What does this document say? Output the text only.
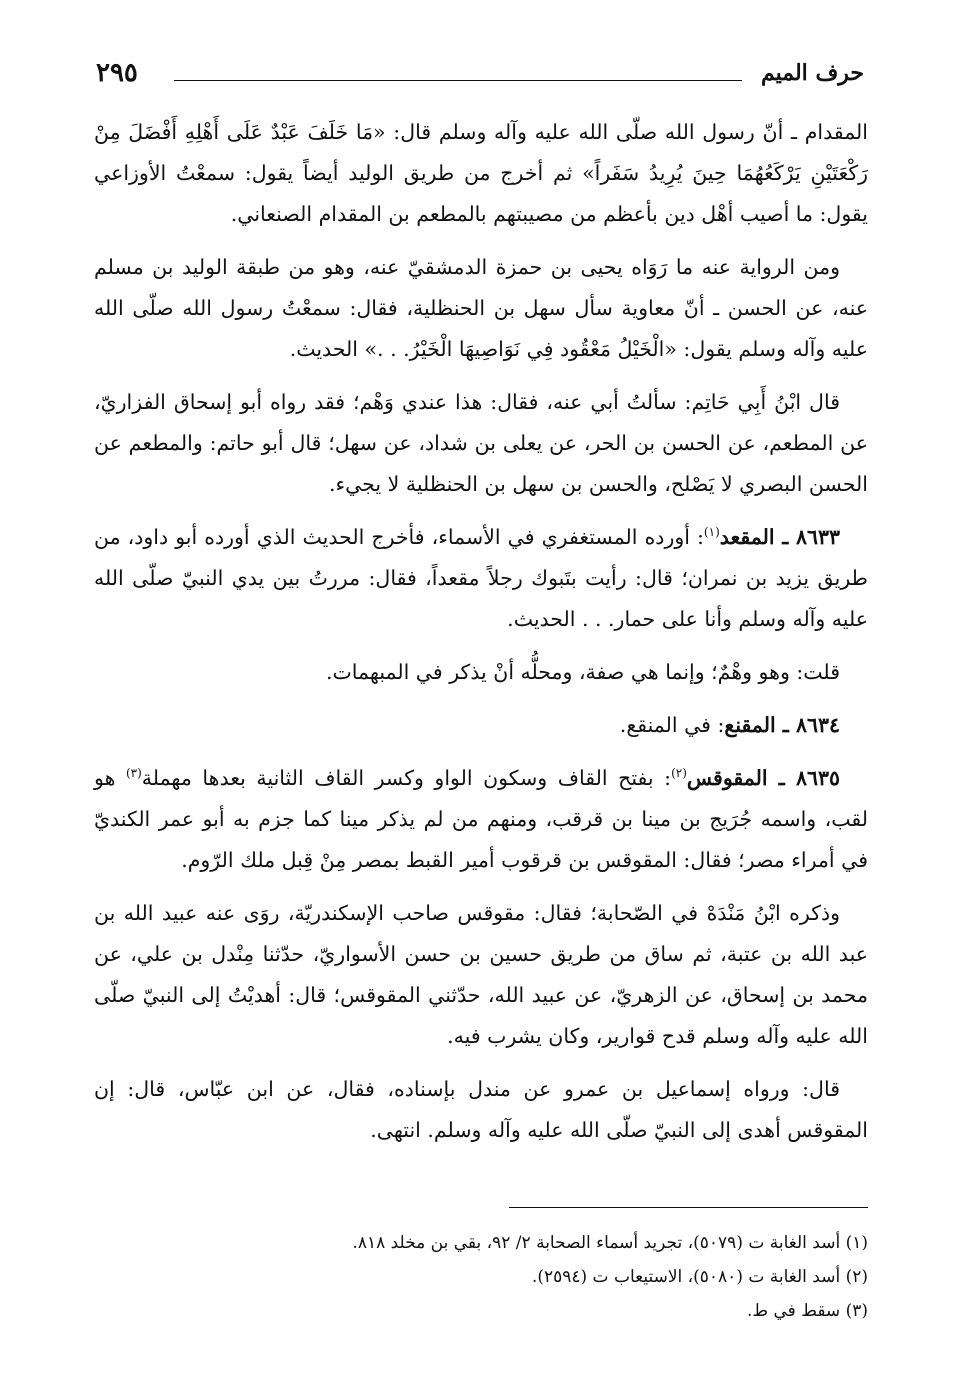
٢٩٥	حرف الميم

المقدام ـ أنّ رسول الله صلّى الله عليه وآله وسلم قال: «مَا خَلَفَ عَبْدٌ عَلَى أَهْلِهِ أَفْضَلَ مِنْ رَكْعَتَيْنِ يَرْكَعُهُمَا حِينَ يُرِيدُ سَفَراً» ثم أخرج من طريق الوليد أيضاً يقول: سمعْتُ الأوزاعي يقول: ما أصيب أهْل دين بأعظم من مصيبتهم بالمطعم بن المقدام الصنعاني.

ومن الرواية عنه ما رَوَاه يحيى بن حمزة الدمشقيّ عنه، وهو من طبقة الوليد بن مسلم عنه، عن الحسن ـ أنّ معاوية سأل سهل بن الحنظلية، فقال: سمعْتُ رسول الله صلّى الله عليه وآله وسلم يقول: «الْخَيْلُ مَعْقُود فِي نَوَاصِيهَا الْخَيْرُ. . .» الحديث.

قال ابْنُ أَبِي حَاتِم: سألتُ أبي عنه، فقال: هذا عندي وَهْم؛ فقد رواه أبو إسحاق الفزاريّ، عن المطعم، عن الحسن بن الحر، عن يعلى بن شداد، عن سهل؛ قال أبو حاتم: والمطعم عن الحسن البصري لا يَصْلح، والحسن بن سهل بن الحنظلية لا يجيء.

٨٦٣٣ ـ المقعد$^{(١)}$: أورده المستغفري في الأسماء، فأخرج الحديث الذي أورده أبو داود، من طريق يزيد بن نمران؛ قال: رأيت بتَبوك رجلاً مقعداً، فقال: مررتُ بين يدي النبيّ صلّى الله عليه وآله وسلم وأنا على حمار. . . الحديث.

قلت: وهو وهْمٌ؛ وإنما هي صفة، ومحلُّه أنْ يذكر في المبهمات.

٨٦٣٤ ـ المقنع: في المنقع.

٨٦٣٥ ـ المقوقس$^{(٢)}$: بفتح القاف وسكون الواو وكسر القاف الثانية بعدها مهملة$^{(٣)}$ هو لقب، واسمه جُرَيج بن مينا بن قرقب، ومنهم من لم يذكر مينا كما جزم به أبو عمر الكنديّ في أمراء مصر؛ فقال: المقوقس بن قرقوب أمير القبط بمصر مِنْ قِبل ملك الرّوم.

وذكره ابْنُ مَنْدَهْ في الصّحابة؛ فقال: مقوقس صاحب الإسكندريّة، روَى عنه عبيد الله بن عبد الله بن عتبة، ثم ساق من طريق حسين بن حسن الأسواريّ، حدّثنا مِنْدل بن علي، عن محمد بن إسحاق، عن الزهريّ، عن عبيد الله، حدّثني المقوقس؛ قال: أهديْتُ إلى النبيّ صلّى الله عليه وآله وسلم قدح قوارير، وكان يشرب فيه.

قال: ورواه إسماعيل بن عمرو عن مندل بإسناده، فقال، عن ابن عبّاس، قال: إن المقوقس أهدى إلى النبيّ صلّى الله عليه وآله وسلم. انتهى.

(١) أسد الغابة ت (٥٠٧٩)، تجريد أسماء الصحابة ٢/ ٩٢، بقي بن مخلد ٨١٨.

(٢) أسد الغابة ت (٥٠٨٠)، الاستيعاب ت (٢٥٩٤).

(٣) سقط في ط.
